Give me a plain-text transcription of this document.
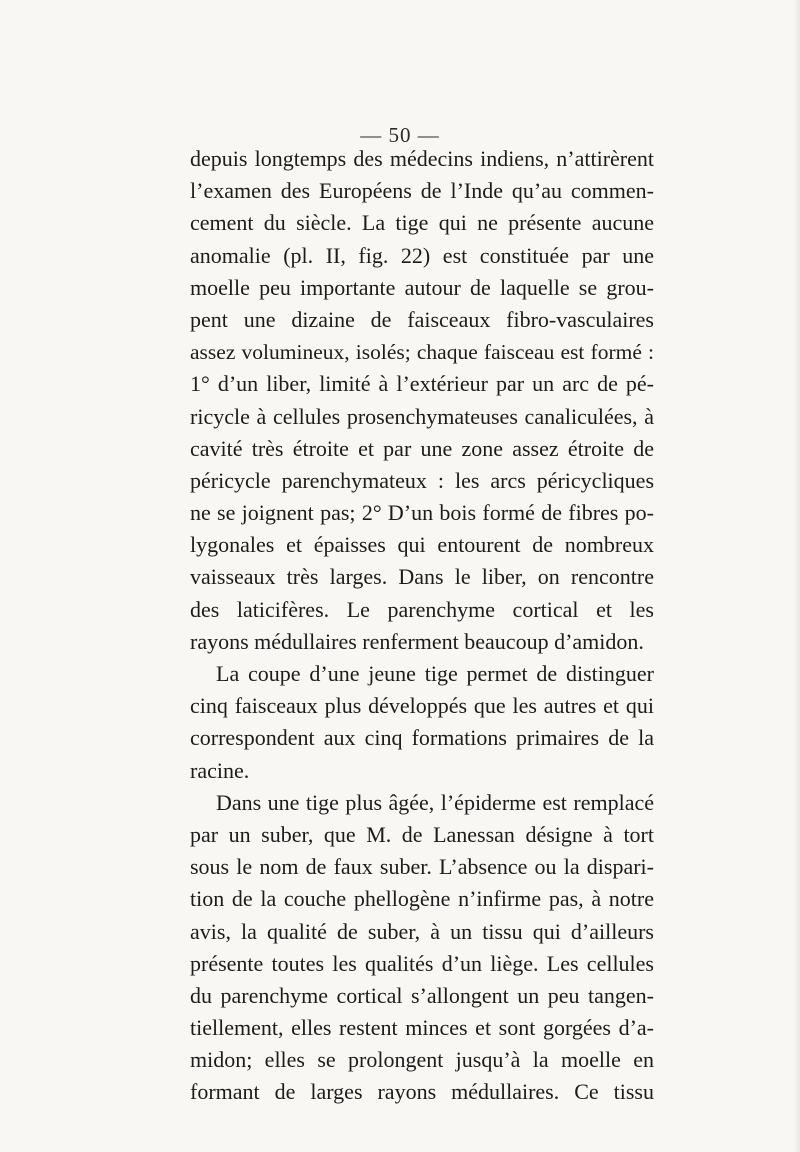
— 50 —
depuis longtemps des médecins indiens, n’attirèrent
l’examen des Européens de l’Inde qu’au commen-
cement du siècle. La tige qui ne présente aucune
anomalie (pl. II, fig. 22) est constituée par une
moelle peu importante autour de laquelle se grou-
pent une dizaine de faisceaux fibro-vasculaires
assez volumineux, isolés; chaque faisceau est formé :
1° d’un liber, limité à l’extérieur par un arc de pé-
ricycle à cellules prosenchymateuses canaliculées, à
cavité très étroite et par une zone assez étroite de
péricycle parenchymateux : les arcs péricycliques
ne se joignent pas; 2° D’un bois formé de fibres po-
lygonales et épaisses qui entourent de nombreux
vaisseaux très larges. Dans le liber, on rencontre
des laticifères. Le parenchyme cortical et les
rayons médullaires renferment beaucoup d’amidon.
La coupe d’une jeune tige permet de distinguer
cinq faisceaux plus développés que les autres et qui
correspondent aux cinq formations primaires de la
racine.
Dans une tige plus âgée, l’épiderme est remplacé
par un suber, que M. de Lanessan désigne à tort
sous le nom de faux suber. L’absence ou la dispari-
tion de la couche phellogène n’infirme pas, à notre
avis, la qualité de suber, à un tissu qui d’ailleurs
présente toutes les qualités d’un liège. Les cellules
du parenchyme cortical s’allongent un peu tangen-
tiellement, elles restent minces et sont gorgées d’a-
midon; elles se prolongent jusqu’à la moelle en
formant de larges rayons médullaires. Ce tissu
